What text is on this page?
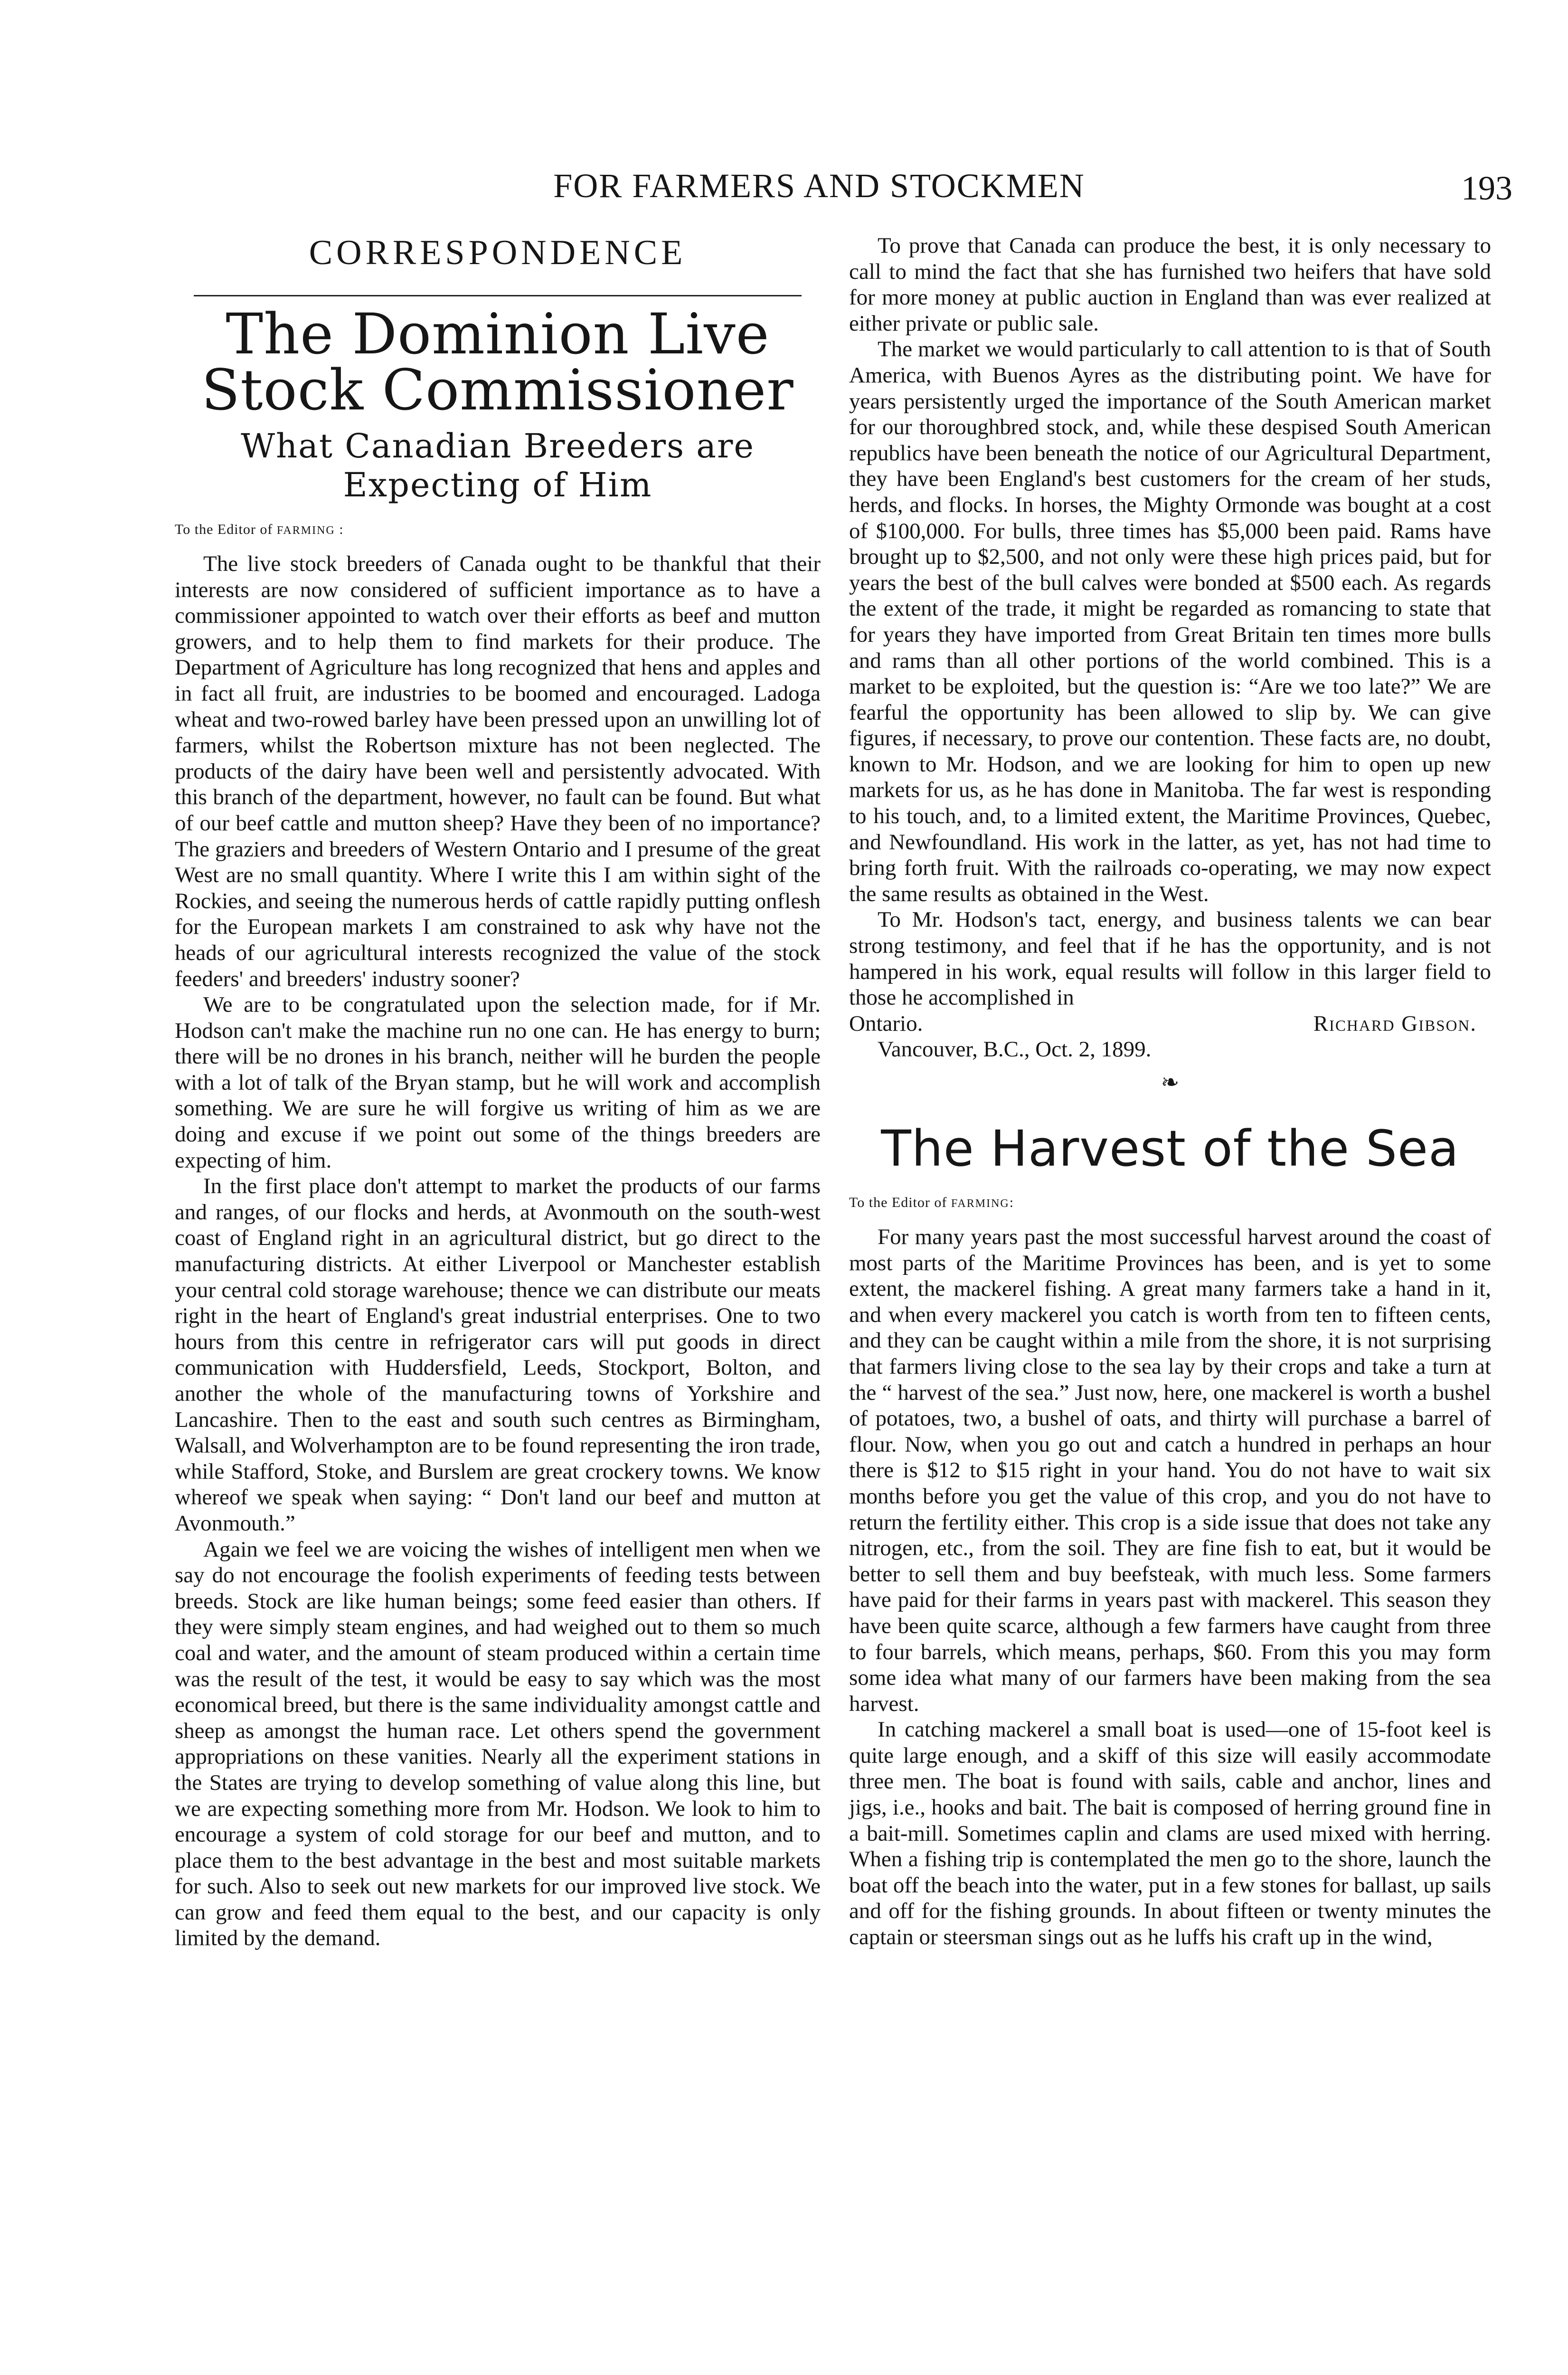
FOR FARMERS AND STOCKMEN	193
CORRESPONDENCE
The Dominion Live Stock Commissioner
What Canadian Breeders are Expecting of Him
To the Editor of FARMING :

The live stock breeders of Canada ought to be thankful that their interests are now considered of sufficient importance as to have a commissioner appointed to watch over their efforts as beef and mutton growers, and to help them to find markets for their produce. The Department of Agriculture has long recognized that hens and apples and in fact all fruit, are industries to be boomed and encouraged. Ladoga wheat and two-rowed barley have been pressed upon an unwilling lot of farmers, whilst the Robertson mixture has not been neglected. The products of the dairy have been well and persistently advocated. With this branch of the department, however, no fault can be found. But what of our beef cattle and mutton sheep? Have they been of no importance? The graziers and breeders of Western Ontario and I presume of the great West are no small quantity. Where I write this I am within sight of the Rockies, and seeing the numerous herds of cattle rapidly putting onflesh for the European markets I am constrained to ask why have not the heads of our agricultural interests recognized the value of the stock feeders' and breeders' industry sooner?

We are to be congratulated upon the selection made, for if Mr. Hodson can't make the machine run no one can. He has energy to burn; there will be no drones in his branch, neither will he burden the people with a lot of talk of the Bryan stamp, but he will work and accomplish something. We are sure he will forgive us writing of him as we are doing and excuse if we point out some of the things breeders are expecting of him.

In the first place don't attempt to market the products of our farms and ranges, of our flocks and herds, at Avonmouth on the south-west coast of England right in an agricultural district, but go direct to the manufacturing districts. At either Liverpool or Manchester establish your central cold storage warehouse; thence we can distribute our meats right in the heart of England's great industrial enterprises. One to two hours from this centre in refrigerator cars will put goods in direct communication with Huddersfield, Leeds, Stockport, Bolton, and another the whole of the manufacturing towns of Yorkshire and Lancashire. Then to the east and south such centres as Birmingham, Walsall, and Wolverhampton are to be found representing the iron trade, while Stafford, Stoke, and Burslem are great crockery towns. We know whereof we speak when saying: “ Don't land our beef and mutton at Avonmouth.”

Again we feel we are voicing the wishes of intelligent men when we say do not encourage the foolish experiments of feeding tests between breeds. Stock are like human beings; some feed easier than others. If they were simply steam engines, and had weighed out to them so much coal and water, and the amount of steam produced within a certain time was the result of the test, it would be easy to say which was the most economical breed, but there is the same individuality amongst cattle and sheep as amongst the human race. Let others spend the government appropriations on these vanities. Nearly all the experiment stations in the States are trying to develop something of value along this line, but we are expecting something more from Mr. Hodson. We look to him to encourage a system of cold storage for our beef and mutton, and to place them to the best advantage in the best and most suitable markets for such. Also to seek out new markets for our improved live stock. We can grow and feed them equal to the best, and our capacity is only limited by the demand.

To prove that Canada can produce the best, it is only necessary to call to mind the fact that she has furnished two heifers that have sold for more money at public auction in England than was ever realized at either private or public sale.

The market we would particularly to call attention to is that of South America, with Buenos Ayres as the distributing point. We have for years persistently urged the importance of the South American market for our thoroughbred stock, and, while these despised South American republics have been beneath the notice of our Agricultural Department, they have been England's best customers for the cream of her studs, herds, and flocks. In horses, the Mighty Ormonde was bought at a cost of $100,000. For bulls, three times has $5,000 been paid. Rams have brought up to $2,500, and not only were these high prices paid, but for years the best of the bull calves were bonded at $500 each. As regards the extent of the trade, it might be regarded as romancing to state that for years they have imported from Great Britain ten times more bulls and rams than all other portions of the world combined. This is a market to be exploited, but the question is: “Are we too late?” We are fearful the opportunity has been allowed to slip by. We can give figures, if necessary, to prove our contention. These facts are, no doubt, known to Mr. Hodson, and we are looking for him to open up new markets for us, as he has done in Manitoba. The far west is responding to his touch, and, to a limited extent, the Maritime Provinces, Quebec, and Newfoundland. His work in the latter, as yet, has not had time to bring forth fruit. With the railroads co-operating, we may now expect the same results as obtained in the West.

To Mr. Hodson's tact, energy, and business talents we can bear strong testimony, and feel that if he has the opportunity, and is not hampered in his work, equal results will follow in this larger field to those he accomplished in

Ontario.	Richard Gibson.
Vancouver, B.C., Oct. 2, 1899.
❧
The Harvest of the Sea
To the Editor of FARMING:

For many years past the most successful harvest around the coast of most parts of the Maritime Provinces has been, and is yet to some extent, the mackerel fishing. A great many farmers take a hand in it, and when every mackerel you catch is worth from ten to fifteen cents, and they can be caught within a mile from the shore, it is not surprising that farmers living close to the sea lay by their crops and take a turn at the “ harvest of the sea.” Just now, here, one mackerel is worth a bushel of potatoes, two, a bushel of oats, and thirty will purchase a barrel of flour. Now, when you go out and catch a hundred in perhaps an hour there is $12 to $15 right in your hand. You do not have to wait six months before you get the value of this crop, and you do not have to return the fertility either. This crop is a side issue that does not take any nitrogen, etc., from the soil. They are fine fish to eat, but it would be better to sell them and buy beefsteak, with much less. Some farmers have paid for their farms in years past with mackerel. This season they have been quite scarce, although a few farmers have caught from three to four barrels, which means, perhaps, $60. From this you may form some idea what many of our farmers have been making from the sea harvest.

In catching mackerel a small boat is used—one of 15-foot keel is quite large enough, and a skiff of this size will easily accommodate three men. The boat is found with sails, cable and anchor, lines and jigs, i.e., hooks and bait. The bait is composed of herring ground fine in a bait-mill. Sometimes caplin and clams are used mixed with herring. When a fishing trip is contemplated the men go to the shore, launch the boat off the beach into the water, put in a few stones for ballast, up sails and off for the fishing grounds. In about fifteen or twenty minutes the captain or steersman sings out as he luffs his craft up in the wind,
